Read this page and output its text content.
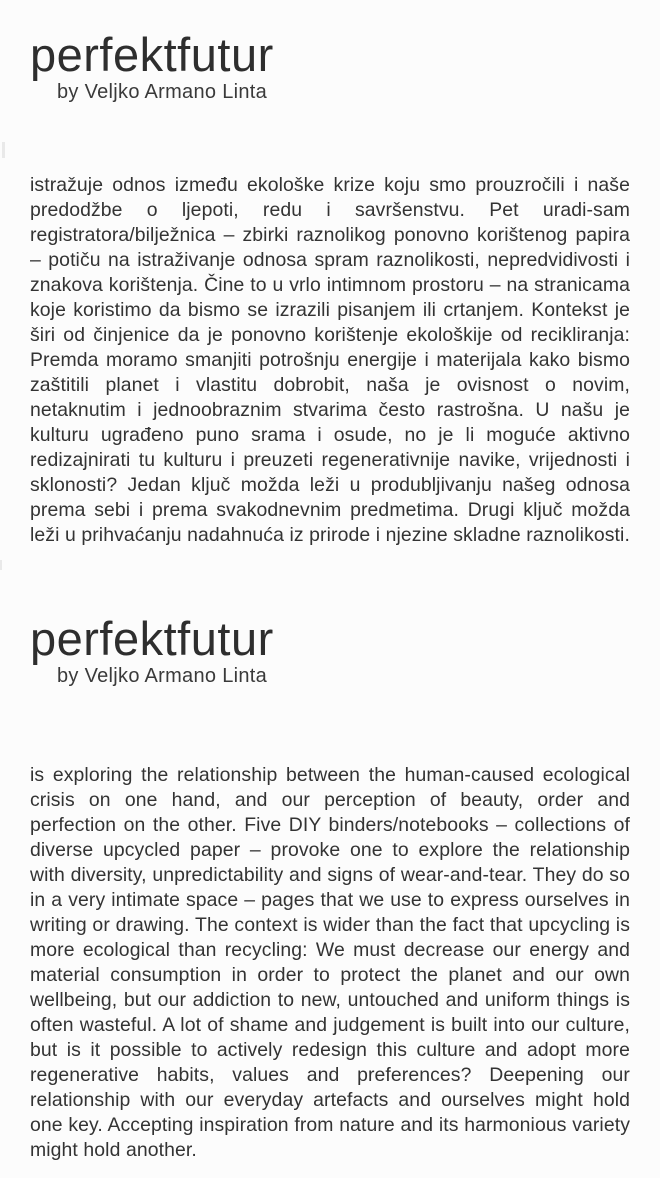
perfektfutur
by Veljko Armano Linta

istražuje odnos između ekološke krize koju smo prouzročili i naše predodžbe o ljepoti, redu i savršenstvu. Pet uradi-sam registratora/bilježnica – zbirki raznolikog ponovno korištenog papira – potiču na istraživanje odnosa spram raznolikosti, nepredvidivosti i znakova korištenja. Čine to u vrlo intimnom prostoru – na stranicama koje koristimo da bismo se izrazili pisanjem ili crtanjem. Kontekst je širi od činjenice da je ponovno korištenje ekološkije od recikliranja: Premda moramo smanjiti potrošnju energije i materijala kako bismo zaštitili planet i vlastitu dobrobit, naša je ovisnost o novim, netaknutim i jednoobraznim stvarima često rastrošna. U našu je kulturu ugrađeno puno srama i osude, no je li moguće aktivno redizajnirati tu kulturu i preuzeti regenerativnije navike, vrijednosti i sklonosti? Jedan ključ možda leži u produbljivanju našeg odnosa prema sebi i prema svakodnevnim predmetima. Drugi ključ možda leži u prihvaćanju nadahnuća iz prirode i njezine skladne raznolikosti.

perfektfutur
by Veljko Armano Linta

is exploring the relationship between the human-caused ecological crisis on one hand, and our perception of beauty, order and perfection on the other. Five DIY binders/notebooks – collections of diverse upcycled paper – provoke one to explore the relationship with diversity, unpredictability and signs of wear-and-tear. They do so in a very intimate space – pages that we use to express ourselves in writing or drawing. The context is wider than the fact that upcycling is more ecological than recycling: We must decrease our energy and material consumption in order to protect the planet and our own wellbeing, but our addiction to new, untouched and uniform things is often wasteful. A lot of shame and judgement is built into our culture, but is it possible to actively redesign this culture and adopt more regenerative habits, values and preferences? Deepening our relationship with our everyday artefacts and ourselves might hold one key. Accepting inspiration from nature and its harmonious variety might hold another.
